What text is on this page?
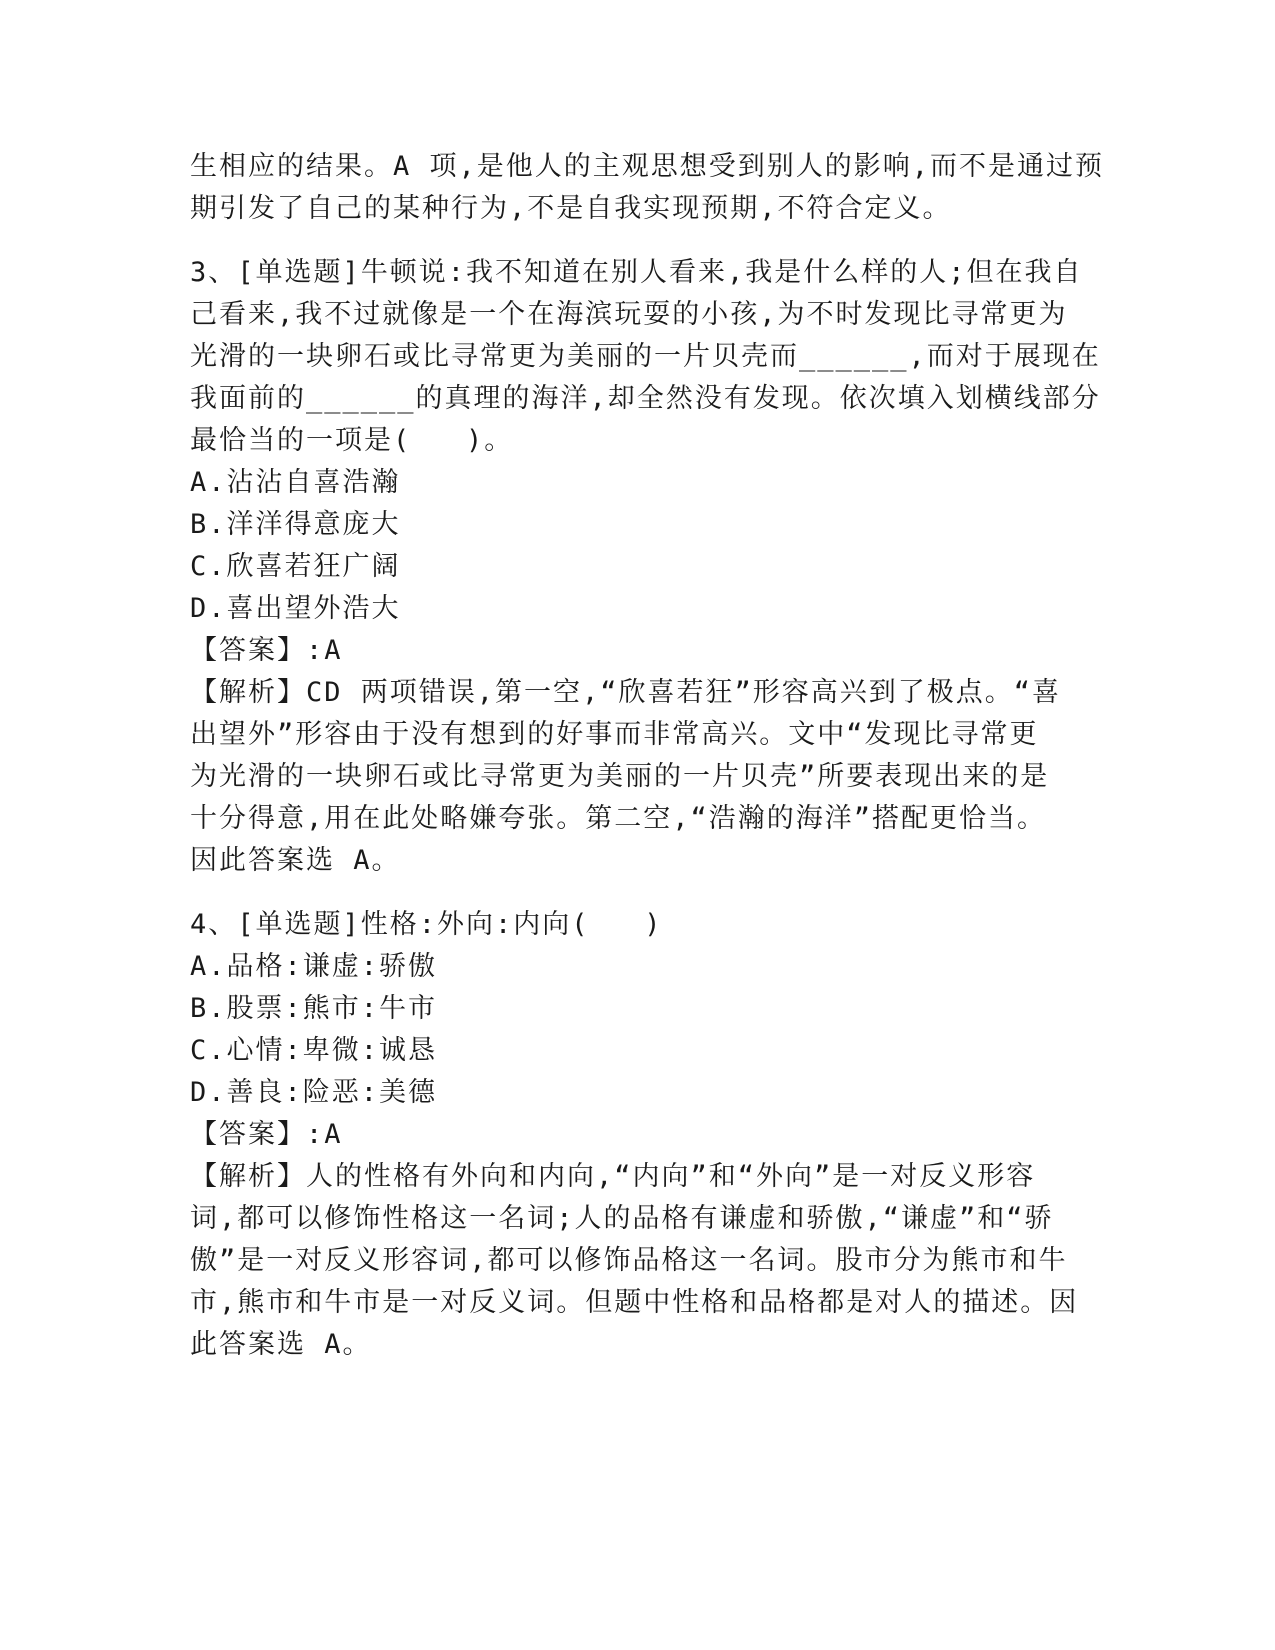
生相应的结果。A 项,是他人的主观思想受到别人的影响,而不是通过预
期引发了自己的某种行为,不是自我实现预期,不符合定义。
3、[单选题]牛顿说:我不知道在别人看来,我是什么样的人;但在我自
己看来,我不过就像是一个在海滨玩耍的小孩,为不时发现比寻常更为
光滑的一块卵石或比寻常更为美丽的一片贝壳而______,而对于展现在
我面前的______的真理的海洋,却全然没有发现。依次填入划横线部分
最恰当的一项是(   )。
A.沾沾自喜浩瀚
B.洋洋得意庞大
C.欣喜若狂广阔
D.喜出望外浩大
【答案】:A
【解析】CD 两项错误,第一空,“欣喜若狂”形容高兴到了极点。“喜
出望外”形容由于没有想到的好事而非常高兴。文中“发现比寻常更
为光滑的一块卵石或比寻常更为美丽的一片贝壳”所要表现出来的是
十分得意,用在此处略嫌夸张。第二空,“浩瀚的海洋”搭配更恰当。
因此答案选 A。
4、[单选题]性格:外向:内向(   )
A.品格:谦虚:骄傲
B.股票:熊市:牛市
C.心情:卑微:诚恳
D.善良:险恶:美德
【答案】:A
【解析】人的性格有外向和内向,“内向”和“外向”是一对反义形容
词,都可以修饰性格这一名词;人的品格有谦虚和骄傲,“谦虚”和“骄
傲”是一对反义形容词,都可以修饰品格这一名词。股市分为熊市和牛
市,熊市和牛市是一对反义词。但题中性格和品格都是对人的描述。因
此答案选 A。
